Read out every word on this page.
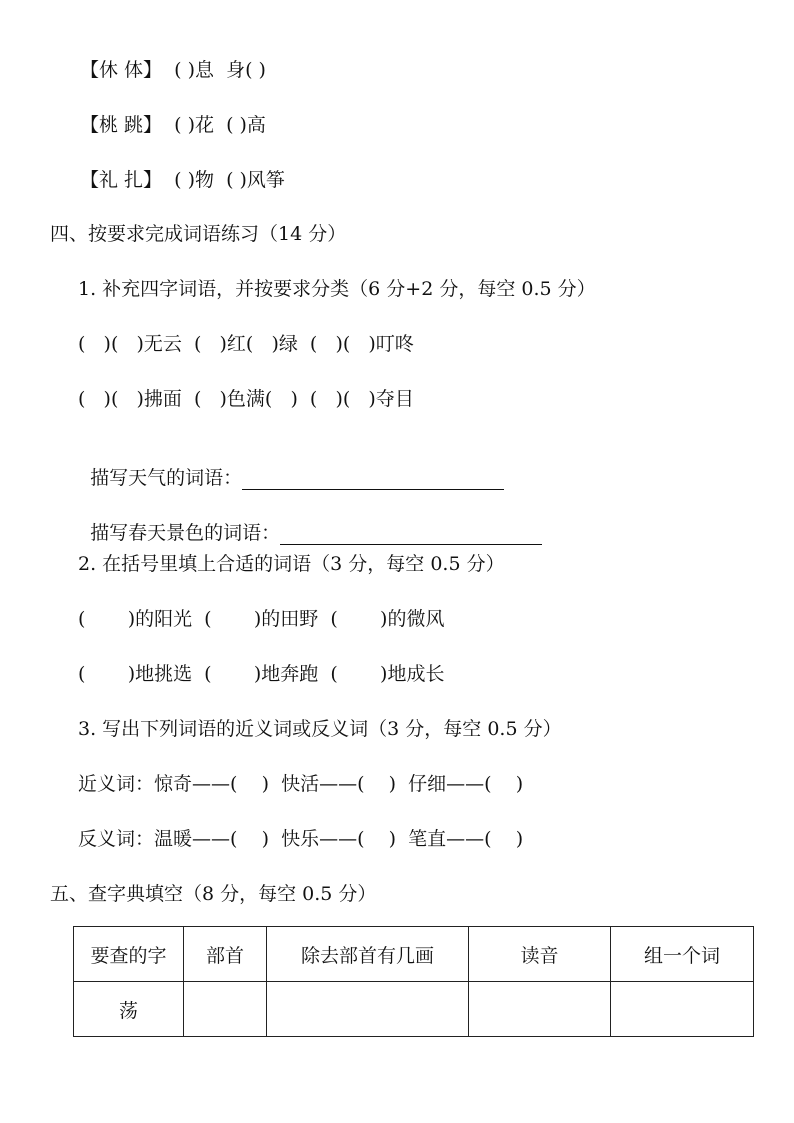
【休 体】  ( )息  身( )
【桃 跳】  ( )花  ( )高
【礼 扎】  ( )物  ( )风筝
四、按要求完成词语练习（14 分）
1. 补充四字词语，并按要求分类（6 分+2 分，每空 0.5 分）
(   )(   )无云  (   )红(   )绿  (   )(   )叮咚
(   )(   )拂面  (   )色满(   )  (   )(   )夺目

描写天气的词语：

描写春天景色的词语：

2. 在括号里填上合适的词语（3 分，每空 0.5 分）
(       )的阳光  (       )的田野  (       )的微风
(       )地挑选  (       )地奔跑  (       )地成长
3. 写出下列词语的近义词或反义词（3 分，每空 0.5 分）
近义词：惊奇——(    )  快活——(    )  仔细——(    )
反义词：温暖——(    )  快乐——(    )  笔直——(    )
五、查字典填空（8 分，每空 0.5 分）
要查的字	部首	除去部首有几画	读音	组一个词
荡				
